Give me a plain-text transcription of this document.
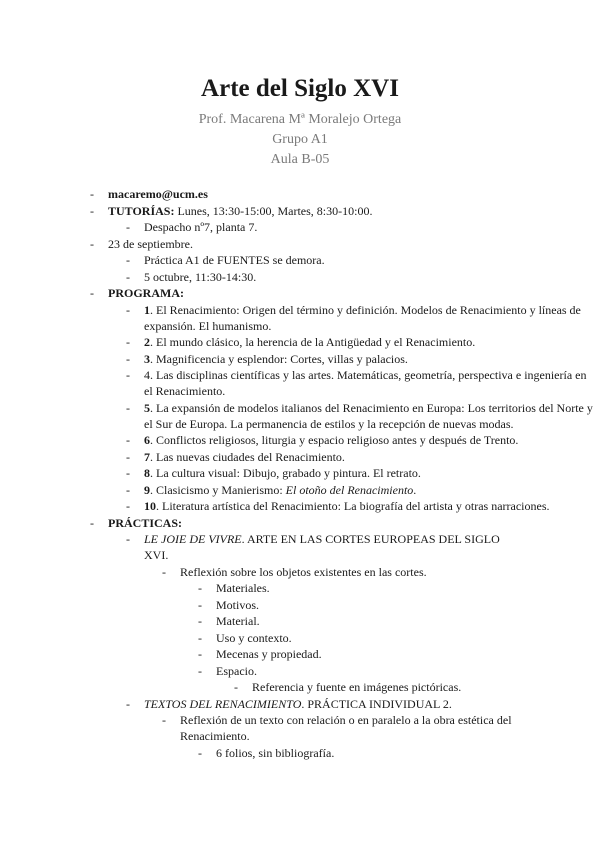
Arte del Siglo XVI
Prof. Macarena Mª Moralejo Ortega
Grupo A1
Aula B-05
-	macaremo@ucm.es
-	TUTORÍAS: Lunes, 13:30-15:00, Martes, 8:30-10:00.
-	Despacho nº7, planta 7.
-	23 de septiembre.
-	Práctica A1 de FUENTES se demora.
-	5 octubre, 11:30-14:30.
-	PROGRAMA:
-	1. El Renacimiento: Origen del término y definición. Modelos de Renacimiento y líneas de expansión. El humanismo.
-	2. El mundo clásico, la herencia de la Antigüedad y el Renacimiento.
-	3. Magnificencia y esplendor: Cortes, villas y palacios.
-	4. Las disciplinas científicas y las artes. Matemáticas, geometría, perspectiva e ingeniería en el Renacimiento.
-	5. La expansión de modelos italianos del Renacimiento en Europa: Los territorios del Norte y el Sur de Europa. La permanencia de estilos y la recepción de nuevas modas.
-	6. Conflictos religiosos, liturgia y espacio religioso antes y después de Trento.
-	7. Las nuevas ciudades del Renacimiento.
-	8. La cultura visual: Dibujo, grabado y pintura. El retrato.
-	9. Clasicismo y Manierismo: El otoño del Renacimiento.
-	10. Literatura artística del Renacimiento: La biografía del artista y otras narraciones.
-	PRÁCTICAS:
-	LE JOIE DE VIVRE. ARTE EN LAS CORTES EUROPEAS DEL SIGLO XVI.
-	Reflexión sobre los objetos existentes en las cortes.
-	Materiales.
-	Motivos.
-	Material.
-	Uso y contexto.
-	Mecenas y propiedad.
-	Espacio.
-	Referencia y fuente en imágenes pictóricas.
-	TEXTOS DEL RENACIMIENTO. PRÁCTICA INDIVIDUAL 2.
-	Reflexión de un texto con relación o en paralelo a la obra estética del Renacimiento.
-	6 folios, sin bibliografía.
